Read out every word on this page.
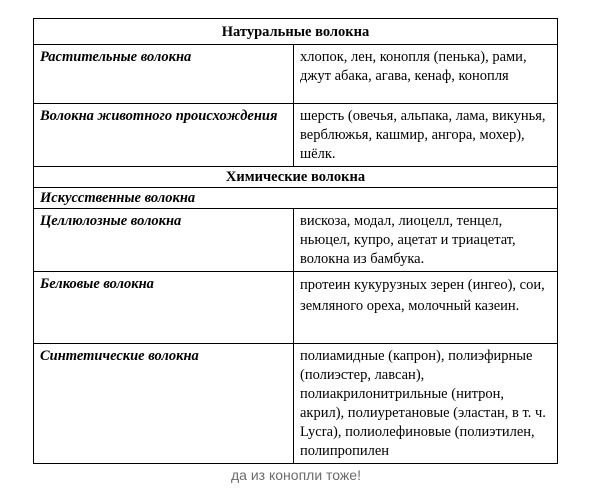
Натуральные волокна	
Растительные волокна	хлопок, лен, конопля (пенька), рами, джут абака, агава, кенаф, конопля
Волокна животного происхождения	шерсть (овечья, альпака, лама, викунья, верблюжья, кашмир, ангора, мохер), шёлк.
Химические волокна	
Искусственные волокна	
Целлюлозные волокна	вискоза, модал, лиоцелл, тенцел, ньюцел, купро, ацетат и триацетат, волокна из бамбука.
Белковые волокна	протеин кукурузных зерен (ингео), сои, земляного ореха, молочный казеин.
Синтетические волокна	полиамидные (капрон), полиэфирные (полиэстер, лавсан), полиакрилонитрильные (нитрон, акрил), полиуретановые (эластан, в т. ч. Lycra), полиолефиновые (полиэтилен, полипропилен
да из конопли тоже!
